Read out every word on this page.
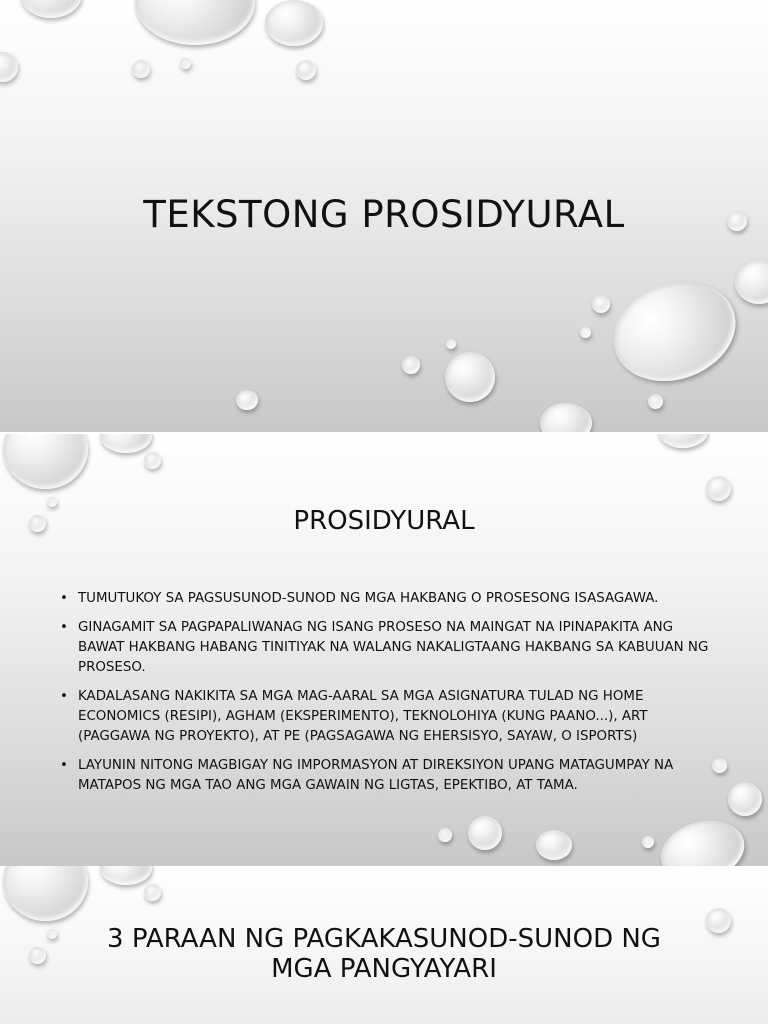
TEKSTONG PROSIDYURAL
PROSIDYURAL
• TUMUTUKOY SA PAGSUSUNOD-SUNOD NG MGA HAKBANG O PROSESONG ISASAGAWA.
• GINAGAMIT SA PAGPAPALIWANAG NG ISANG PROSESO NA MAINGAT NA IPINAPAKITA ANG BAWAT HAKBANG HABANG TINITIYAK NA WALANG NAKALIGTAANG HAKBANG SA KABUUAN NG PROSESO.
• KADALASANG NAKIKITA SA MGA MAG-AARAL SA MGA ASIGNATURA TULAD NG HOME ECONOMICS (RESIPI), AGHAM (EKSPERIMENTO), TEKNOLOHIYA (KUNG PAANO...), ART (PAGGAWA NG PROYEKTO), AT PE (PAGSAGAWA NG EHERSISYO, SAYAW, O ISPORTS)
• LAYUNIN NITONG MAGBIGAY NG IMPORMASYON AT DIREKSIYON UPANG MATAGUMPAY NA MATAPOS NG MGA TAO ANG MGA GAWAIN NG LIGTAS, EPEKTIBO, AT TAMA.
3 PARAAN NG PAGKAKASUNOD-SUNOD NG
MGA PANGYAYARI
